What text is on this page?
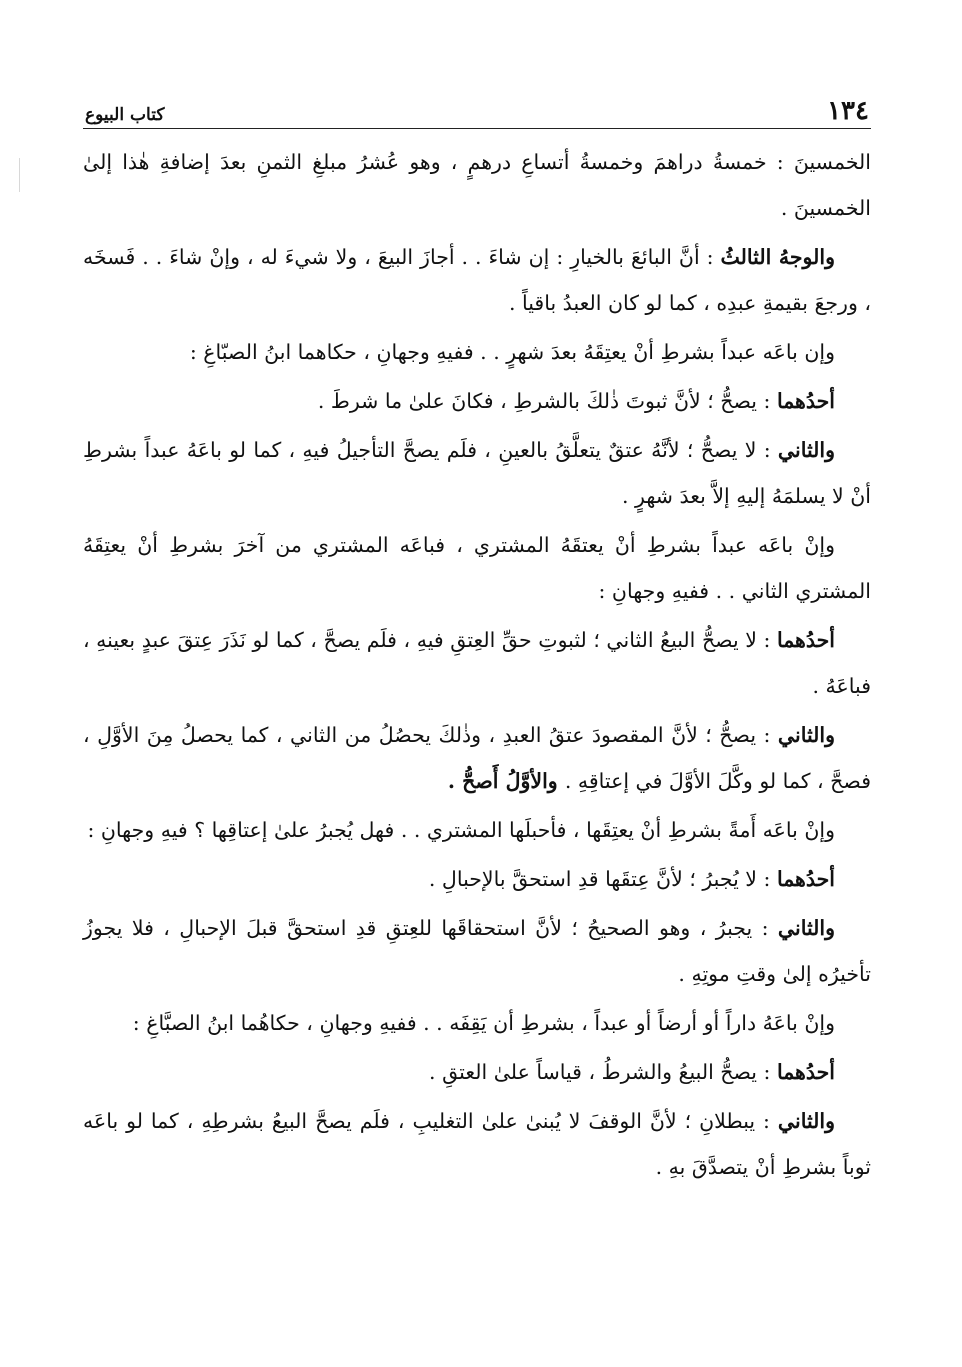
١٣٤
كتاب البيوع

الخمسينَ : خمسةُ دراهمَ وخمسةُ أتساعِ درهمٍ ، وهو عُشرُ مبلغِ الثمنِ بعدَ إضافةِ هٰذا إلىٰ الخمسينَ .

والوجهُ الثالثُ : أنَّ البائعَ بالخيارِ : إن شاءَ . . أجازَ البيعَ ، ولا شيءَ له ، وإنْ شاءَ . . فَسخَه ، ورجعَ بقيمةِ عبدِه ، كما لو كان العبدُ باقياً .

وإن باعَه عبداً بشرطِ أنْ يعتِقَهُ بعدَ شهرٍ . . ففيهِ وجهانِ ، حكاهما ابنُ الصبّاغِ :

أحدُهما : يصحُّ ؛ لأنَّ ثبوتَ ذٰلكَ بالشرطِ ، فكانَ علىٰ ما شرطَ .

والثاني : لا يصحُّ ؛ لأنَّهُ عتقٌ يتعلَّقُ بالعينِ ، فلَم يصحَّ التأجيلُ فيهِ ، كما لو باعَهُ عبداً بشرطِ أنْ لا يسلمَهُ إليهِ إلاَّ بعدَ شهرٍ .

وإنْ باعَه عبداً بشرطِ أنْ يعتقَهُ المشتري ، فباعَه المشتري من آخرَ بشرطِ أنْ يعتِقَهُ المشتري الثاني . . ففيهِ وجهانِ :

أحدُهما : لا يصحُّ البيعُ الثاني ؛ لثبوتِ حقِّ العِتقِ فيهِ ، فلَم يصحَّ ، كما لو نَذَرَ عِتقَ عبدٍ بعينهِ ، فباعَهُ .

والثاني : يصحُّ ؛ لأنَّ المقصودَ عتقُ العبدِ ، وذٰلكَ يحصُلُ من الثاني ، كما يحصلُ مِنَ الأوَّلِ ، فصحَّ ، كما لو وكَّلَ الأوَّلَ في إعتاقِهِ . والأوَّلُ أَصحُّ .

وإنْ باعَه أَمةً بشرطِ أنْ يعتِقَها ، فأحبلَها المشتري . . فهل يُجبرُ علىٰ إعتاقِها ؟ فيهِ وجهانِ :

أحدُهما : لا يُجبرُ ؛ لأنَّ عِتقَها قدِ استحقَّ بالإحبالِ .

والثاني : يجبرُ ، وهو الصحيحُ ؛ لأنَّ استحقاقَها للعِتقِ قدِ استحقَّ قبلَ الإحبالِ ، فلا يجوزُ تأخيرُه إلىٰ وقتِ موتِهِ .

وإنْ باعَهُ داراً أو أرضاً أو عبداً ، بشرطِ أن يَقِفَه . . ففيهِ وجهانِ ، حكاهُما ابنُ الصبَّاغِ :

أحدُهما : يصحُّ البيعُ والشرطُ ، قياساً علىٰ العتقِ .

والثاني : يبطلانِ ؛ لأنَّ الوقفَ لا يُبنىٰ علىٰ التغليبِ ، فلَم يصحَّ البيعُ بشرطِهِ ، كما لو باعَه ثوباً بشرطِ أنْ يتصدَّقَ بهِ .
